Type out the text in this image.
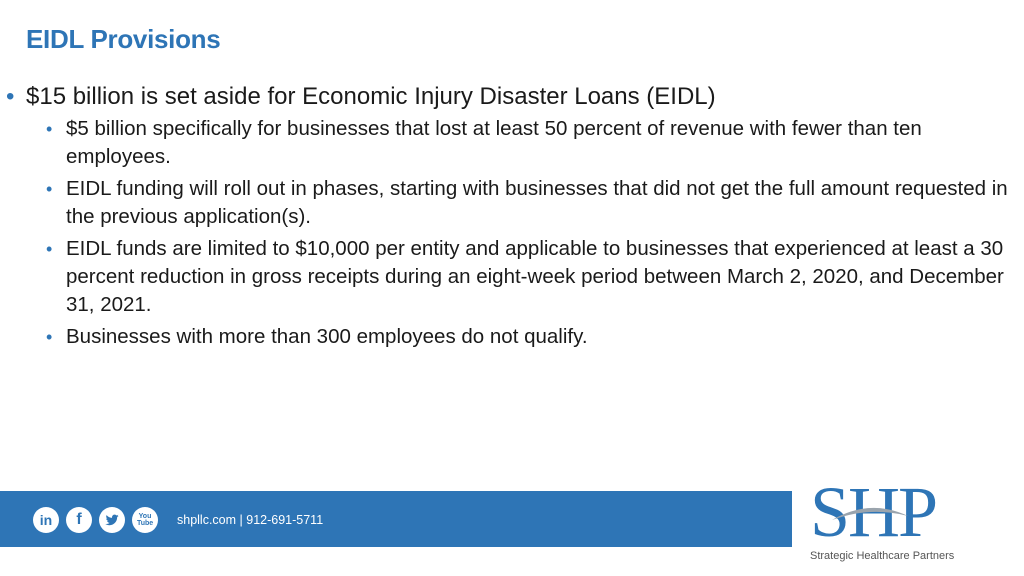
EIDL Provisions
• $15 billion is set aside for Economic Injury Disaster Loans (EIDL)
• $5 billion specifically for businesses that lost at least 50 percent of revenue with fewer than ten employees.
• EIDL funding will roll out in phases, starting with businesses that did not get the full amount requested in the previous application(s).
• EIDL funds are limited to $10,000 per entity and applicable to businesses that experienced at least a 30 percent reduction in gross receipts during an eight-week period between March 2, 2020, and December 31, 2021.
• Businesses with more than 300 employees do not qualify.
in f	You Tube shpllc.com | 912-691-5711	SHP
Strategic Healthcare Partners
